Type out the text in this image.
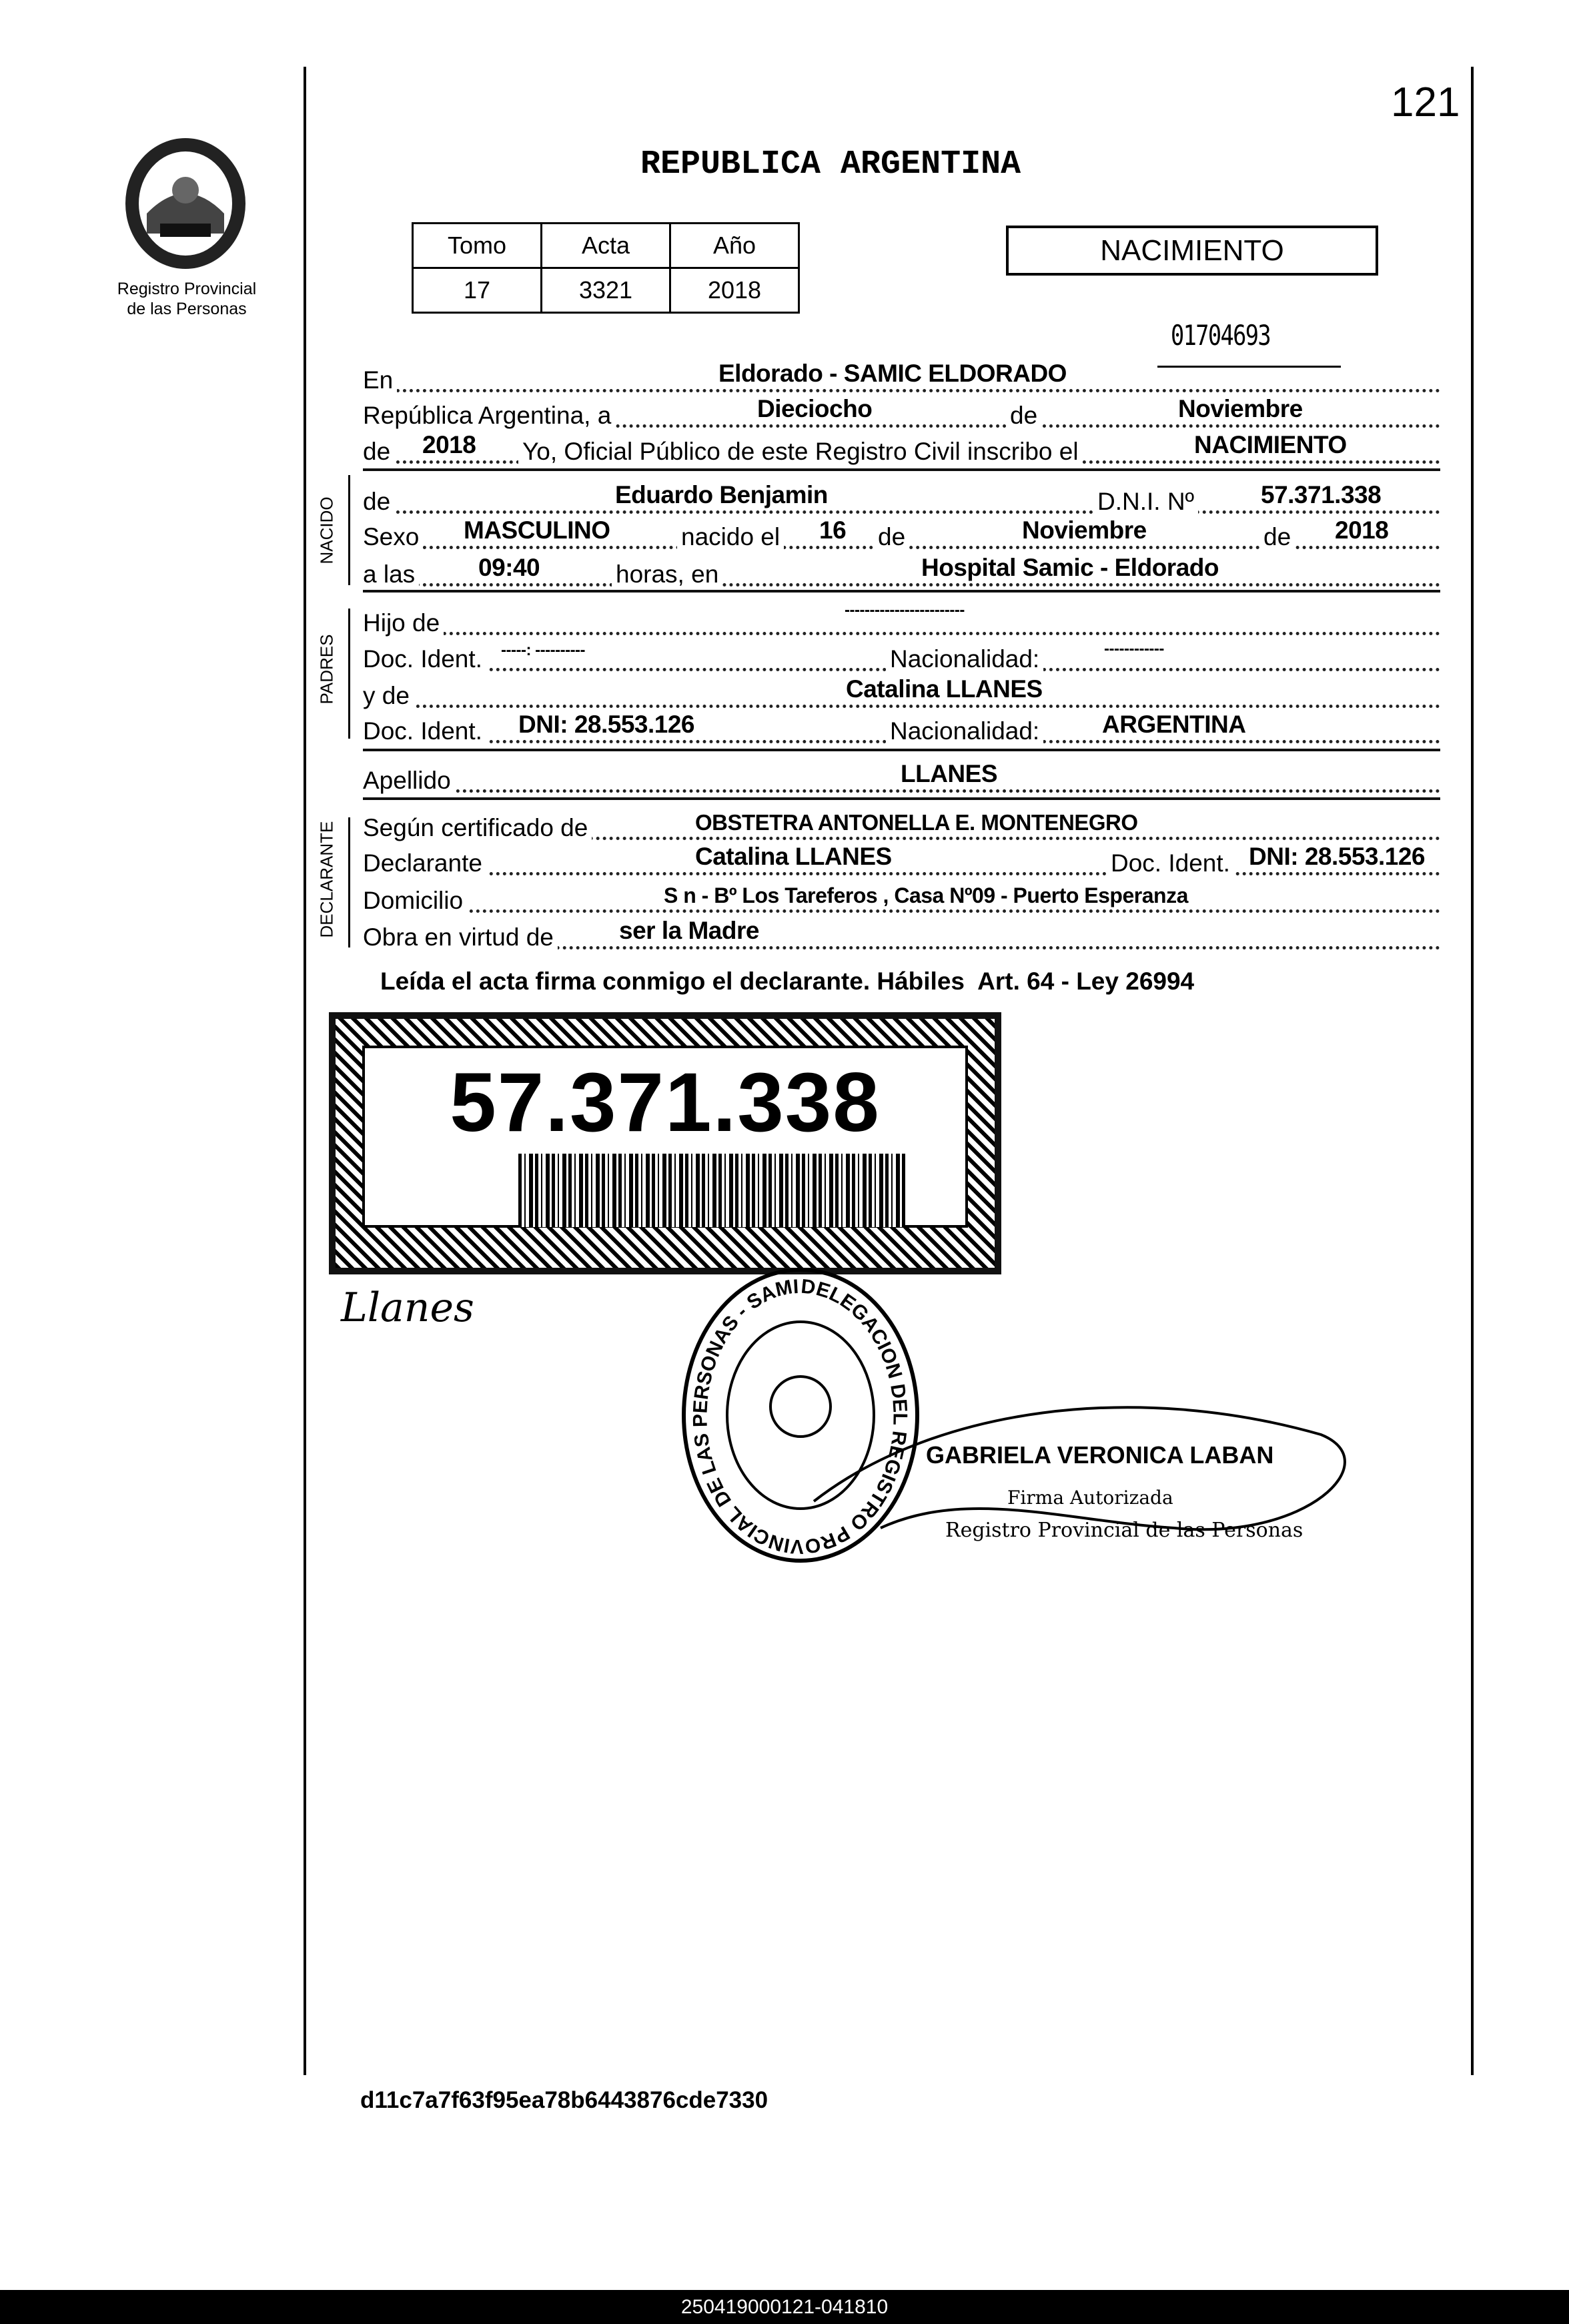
121
Registro Provincial
de las Personas
REPUBLICA ARGENTINA
Tomo	Acta	Año
17	3321	2018
NACIMIENTO
01704693
NACIDO
PADRES
DECLARANTE
En	Eldorado - SAMIC ELDORADO
República Argentina, a	Dieciocho	de	Noviembre
de 2018 Yo, Oficial Público de este Registro Civil inscribo el	NACIMIENTO
de	Eduardo Benjamin	D.N.I. Nº	57.371.338
Sexo MASCULINO	nacido el 16 de	Noviembre	de 2018
a las	09:40	horas, en	Hospital Samic - Eldorado
Hijo de	------------------------
Doc. Ident. -----: ----------	Nacionalidad:	------------
y de	Catalina LLANES
Doc. Ident. DNI: 28.553.126	Nacionalidad:	ARGENTINA
Apellido	LLANES
Según certificado de	OBSTETRA ANTONELLA E. MONTENEGRO
Declarante	Catalina LLANES	Doc. Ident. DNI: 28.553.126
Domicilio	S n - Bº Los Tareferos , Casa Nº09 - Puerto Esperanza
Obra en virtud de	ser la Madre
Leída el acta firma conmigo el declarante. Hábiles  Art. 64 - Ley 26994
57.371.338
Llanes	DELEGACION DEL REGISTRO PROVINCIAL DE LAS PERSONAS - SAMI
GABRIELA VERONICA LABAN
Firma Autorizada
Registro Provincial de las Personas
d11c7a7f63f95ea78b6443876cde7330
250419000121-041810
